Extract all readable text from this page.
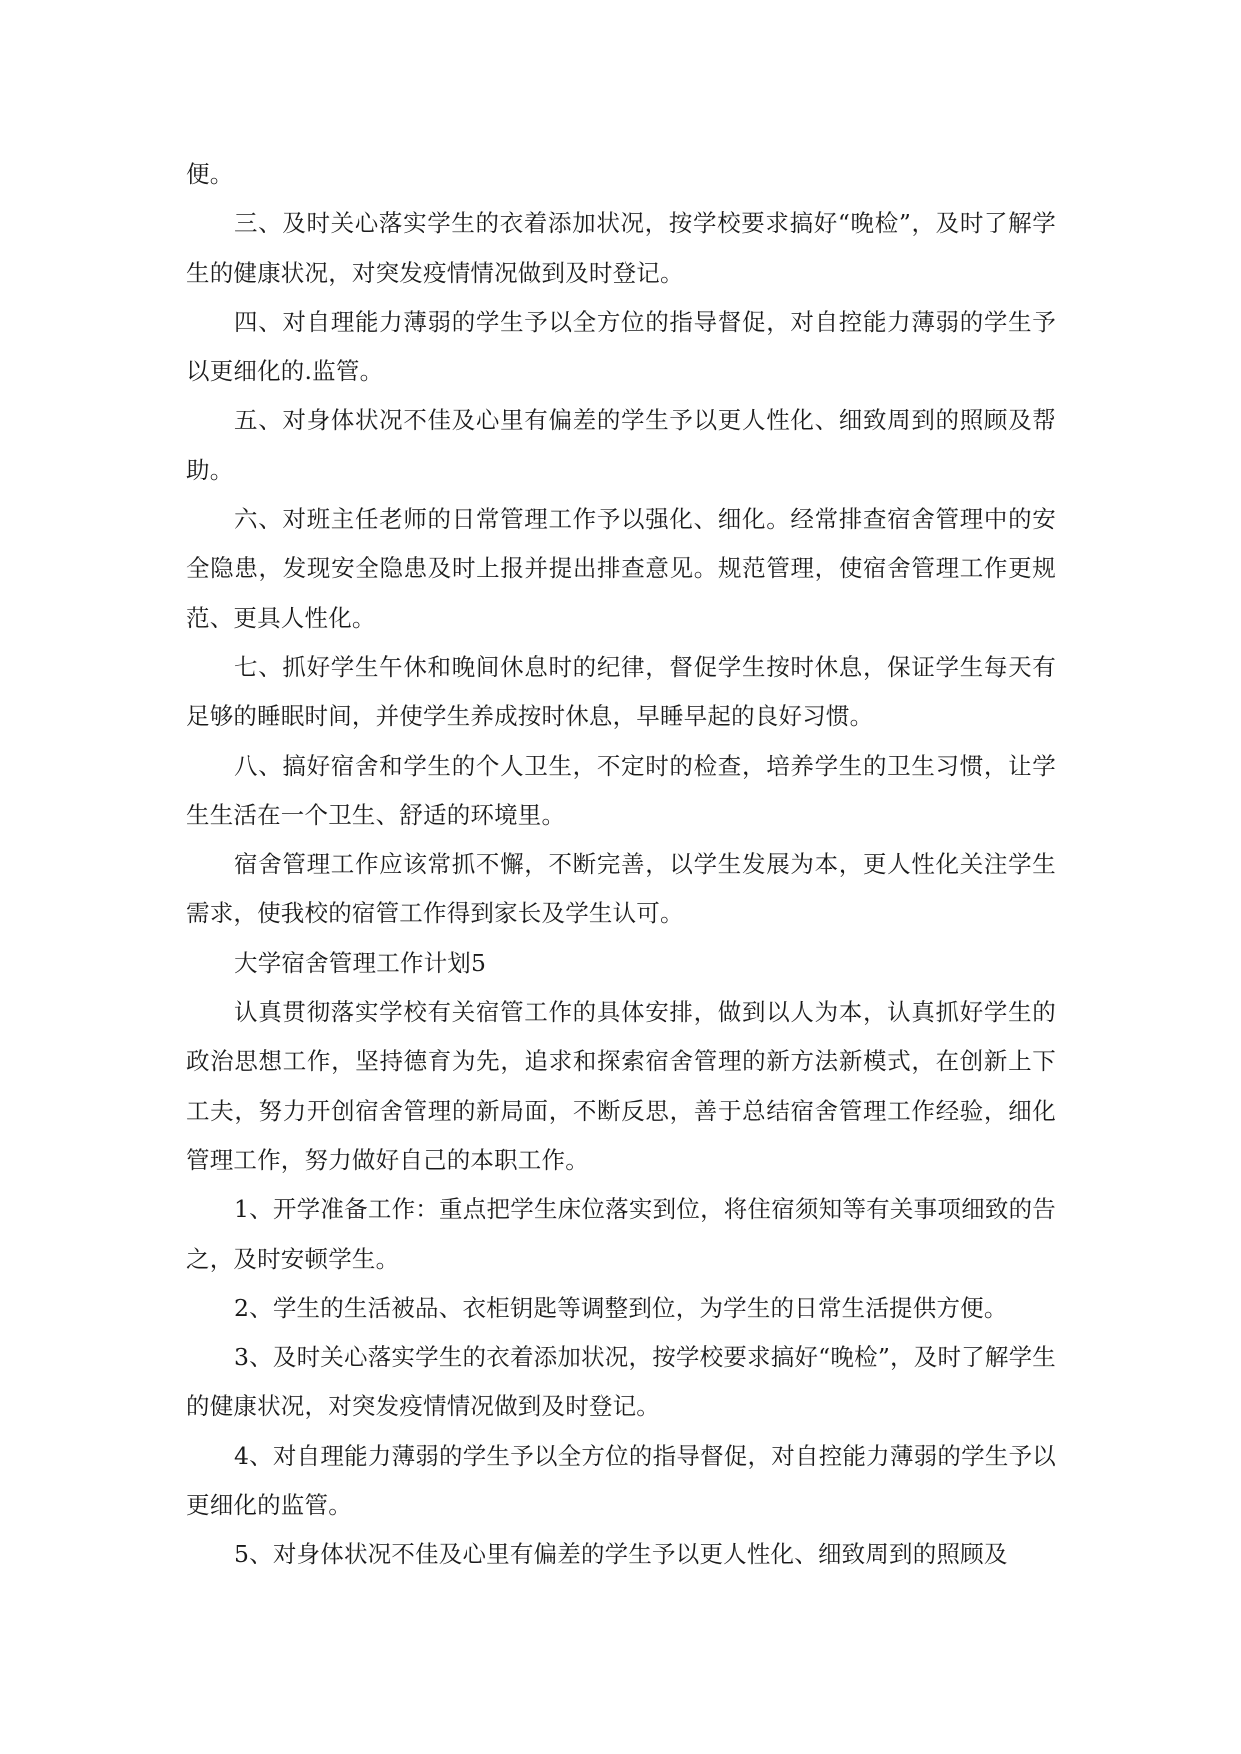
便。

三、及时关心落实学生的衣着添加状况，按学校要求搞好“晚检”，及时了解学生的健康状况，对突发疫情情况做到及时登记。

四、对自理能力薄弱的学生予以全方位的指导督促，对自控能力薄弱的学生予以更细化的.监管。

五、对身体状况不佳及心里有偏差的学生予以更人性化、细致周到的照顾及帮助。

六、对班主任老师的日常管理工作予以强化、细化。经常排查宿舍管理中的安全隐患，发现安全隐患及时上报并提出排查意见。规范管理，使宿舍管理工作更规范、更具人性化。

七、抓好学生午休和晚间休息时的纪律，督促学生按时休息，保证学生每天有足够的睡眠时间，并使学生养成按时休息，早睡早起的良好习惯。

八、搞好宿舍和学生的个人卫生，不定时的检查，培养学生的卫生习惯，让学生生活在一个卫生、舒适的环境里。

宿舍管理工作应该常抓不懈，不断完善，以学生发展为本，更人性化关注学生需求，使我校的宿管工作得到家长及学生认可。

大学宿舍管理工作计划5

认真贯彻落实学校有关宿管工作的具体安排，做到以人为本，认真抓好学生的政治思想工作，坚持德育为先，追求和探索宿舍管理的新方法新模式，在创新上下工夫，努力开创宿舍管理的新局面，不断反思，善于总结宿舍管理工作经验，细化管理工作，努力做好自己的本职工作。

1、开学准备工作：重点把学生床位落实到位，将住宿须知等有关事项细致的告之，及时安顿学生。

2、学生的生活被品、衣柜钥匙等调整到位，为学生的日常生活提供方便。

3、及时关心落实学生的衣着添加状况，按学校要求搞好“晚检”，及时了解学生的健康状况，对突发疫情情况做到及时登记。

4、对自理能力薄弱的学生予以全方位的指导督促，对自控能力薄弱的学生予以更细化的监管。

5、对身体状况不佳及心里有偏差的学生予以更人性化、细致周到的照顾及
